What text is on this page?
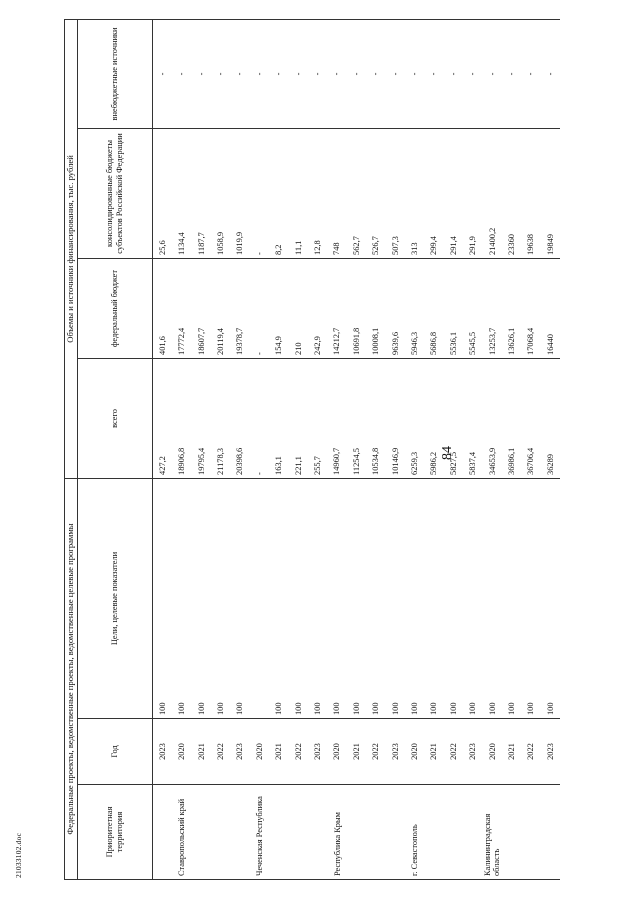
84
21033102.doc
Федеральные проекты, ведомственные проекты, ведомственные целевые программы			Объемы и источники финансирования, тыс. рублей			
Приоритетная территория	Год	Цели, целевые показатели	всего	федеральный бюджет	консолидированные бюджеты субъектов Российской Федерации	внебюджетные источники
	2023	100	427,2	401,6	25,6	-
Ставропольский край	2020	100	18906,8	17772,4	1134,4	-
	2021	100	19795,4	18607,7	1187,7	-
	2022	100	21178,3	20119,4	1058,9	-
	2023	100	20398,6	19378,7	1019,9	-
Чеченская Республика	2020		-	-	-	-
	2021	100	163,1	154,9	8,2	-
	2022	100	221,1	210	11,1	-
	2023	100	255,7	242,9	12,8	-
Республика Крым	2020	100	14960,7	14212,7	748	-
	2021	100	11254,5	10691,8	562,7	-
	2022	100	10534,8	10008,1	526,7	-
	2023	100	10146,9	9639,6	507,3	-
г. Севастополь	2020	100	6259,3	5946,3	313	-
	2021	100	5986,2	5686,8	299,4	-
	2022	100	5827,5	5536,1	291,4	-
	2023	100	5837,4	5545,5	291,9	-
Калининградская область	2020	100	34653,9	13253,7	21400,2	-
	2021	100	36986,1	13626,1	23360	-
	2022	100	36706,4	17068,4	19638	-
	2023	100	36289	16440	19849	-
